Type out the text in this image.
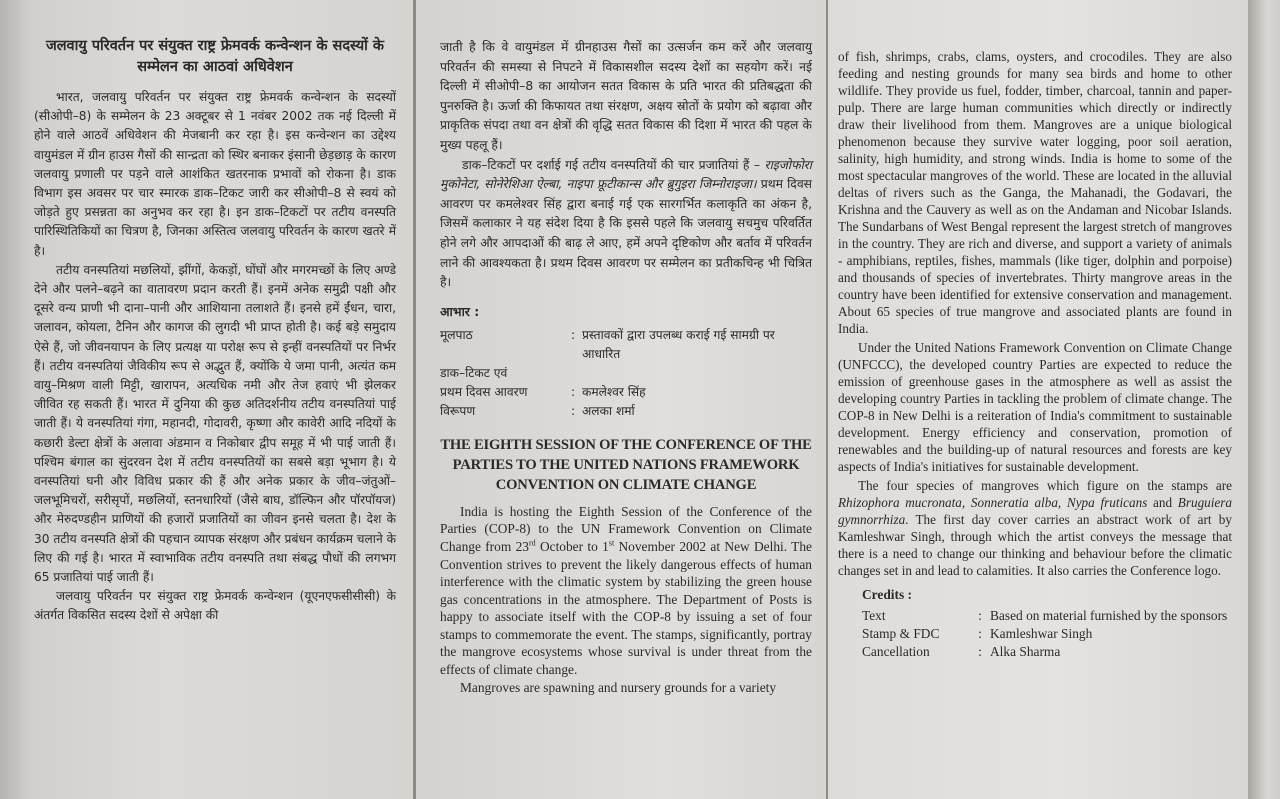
जलवायु परिवर्तन पर संयुक्त राष्ट्र फ्रेमवर्क कन्वेन्शन के सदस्यों के सम्मेलन का आठवां अधिवेशन

भारत, जलवायु परिवर्तन पर संयुक्त राष्ट्र फ्रेमवर्क कन्वेन्शन के सदस्यों (सीओपी–8) के सम्मेलन के 23 अक्टूबर से 1 नवंबर 2002 तक नई दिल्ली में होने वाले आठवें अधिवेशन की मेजबानी कर रहा है। इस कन्वेन्शन का उद्देश्य वायुमंडल में ग्रीन हाउस गैसों की सान्द्रता को स्थिर बनाकर इंसानी छेड़छाड़ के कारण जलवायु प्रणाली पर पड़ने वाले आशंकित खतरनाक प्रभावों को रोकना है। डाक विभाग इस अवसर पर चार स्मारक डाक–टिकट जारी कर सीओपी–8 से स्वयं को जोड़ते हुए प्रसन्नता का अनुभव कर रहा है। इन डाक–टिकटों पर तटीय वनस्पति पारिस्थितिकियों का चित्रण है, जिनका अस्तित्व जलवायु परिवर्तन के कारण खतरे में है।

तटीय वनस्पतियां मछलियों, झींगों, केकड़ों, घोंघों और मगरमच्छों के लिए अण्डे देने और पलने–बढ़ने का वातावरण प्रदान करती हैं। इनमें अनेक समुद्री पक्षी और दूसरे वन्य प्राणी भी दाना–पानी और आशियाना तलाशते हैं। इनसे हमें ईंधन, चारा, जलावन, कोयला, टैनिन और कागज की लुगदी भी प्राप्त होती है। कई बड़े समुदाय ऐसे हैं, जो जीवनयापन के लिए प्रत्यक्ष या परोक्ष रूप से इन्हीं वनस्पतियों पर निर्भर हैं। तटीय वनस्पतियां जैविकीय रूप से अद्भुत हैं, क्योंकि ये जमा पानी, अत्यंत कम वायु–मिश्रण वाली मिट्टी, खारापन, अत्यधिक नमी और तेज हवाएं भी झेलकर जीवित रह सकती हैं। भारत में दुनिया की कुछ अतिदर्शनीय तटीय वनस्पतियां पाई जाती हैं। ये वनस्पतियां गंगा, महानदी, गोदावरी, कृष्णा और कावेरी आदि नदियों के कछारी डेल्टा क्षेत्रों के अलावा अंडमान व निकोबार द्वीप समूह में भी पाई जाती हैं। पश्चिम बंगाल का सुंदरवन देश में तटीय वनस्पतियों का सबसे बड़ा भूभाग है। ये वनस्पतियां घनी और विविध प्रकार की हैं और अनेक प्रकार के जीव–जंतुओं–जलभूमिचरों, सरीसृपों, मछलियों, स्तनधारियों (जैसे बाघ, डॉल्फिन और पॉरपॉयज) और मेरुदण्डहीन प्राणियों की हजारों प्रजातियों का जीवन इनसे चलता है। देश के 30 तटीय वनस्पति क्षेत्रों की पहचान व्यापक संरक्षण और प्रबंधन कार्यक्रम चलाने के लिए की गई है। भारत में स्वाभाविक तटीय वनस्पति तथा संबद्ध पौधों की लगभग 65 प्रजातियां पाई जाती हैं।

जलवायु परिवर्तन पर संयुक्त राष्ट्र फ्रेमवर्क कन्वेन्शन (यूएनएफसीसीसी) के अंतर्गत विकसित सदस्य देशों से अपेक्षा की

जाती है कि वे वायुमंडल में ग्रीनहाउस गैसों का उत्सर्जन कम करें और जलवायु परिवर्तन की समस्या से निपटने में विकासशील सदस्य देशों का सहयोग करें। नई दिल्ली में सीओपी–8 का आयोजन सतत विकास के प्रति भारत की प्रतिबद्धता की पुनरुक्ति है। ऊर्जा की किफायत तथा संरक्षण, अक्षय स्रोतों के प्रयोग को बढ़ावा और प्राकृतिक संपदा तथा वन क्षेत्रों की वृद्धि सतत विकास की दिशा में भारत की पहल के मुख्य पहलू हैं।

डाक–टिकटों पर दर्शाई गई तटीय वनस्पतियों की चार प्रजातियां हैं – राइजोफोरा मुकोनेटा, सोनेरेशिआ ऐल्बा, नाइपा फ्रूटीकान्स और ब्रुगुइरा जिम्नोराइजा। प्रथम दिवस आवरण पर कमलेश्वर सिंह द्वारा बनाई गई एक सारगर्भित कलाकृति का अंकन है, जिसमें कलाकार ने यह संदेश दिया है कि इससे पहले कि जलवायु सचमुच परिवर्तित होने लगे और आपदाओं की बाढ़ ले आए, हमें अपने दृष्टिकोण और बर्ताव में परिवर्तन लाने की आवश्यकता है। प्रथम दिवस आवरण पर सम्मेलन का प्रतीकचिन्ह भी चित्रित है।

आभार :
मूलपाठ	:	प्रस्तावकों द्वारा उपलब्ध कराई गई सामग्री पर आधारित
डाक–टिकट एवं		
प्रथम दिवस आवरण	:	कमलेश्वर सिंह
विरूपण	:	अलका शर्मा
THE EIGHTH SESSION OF THE CONFERENCE OF THE PARTIES TO THE UNITED NATIONS FRAMEWORK CONVENTION ON CLIMATE CHANGE

India is hosting the Eighth Session of the Conference of the Parties (COP-8) to the UN Framework Convention on Climate Change from 23rd October to 1st November 2002 at New Delhi. The Convention strives to prevent the likely dangerous effects of human interference with the climatic system by stabilizing the green house gas concentrations in the atmosphere. The Department of Posts is happy to associate itself with the COP-8 by issuing a set of four stamps to commemorate the event. The stamps, significantly, portray the mangrove ecosystems whose survival is under threat from the effects of climate change.

Mangroves are spawning and nursery grounds for a variety

of fish, shrimps, crabs, clams, oysters, and crocodiles. They are also feeding and nesting grounds for many sea birds and home to other wildlife. They provide us fuel, fodder, timber, charcoal, tannin and paper-pulp. There are large human communities which directly or indirectly draw their livelihood from them. Mangroves are a unique biological phenomenon because they survive water logging, poor soil aeration, salinity, high humidity, and strong winds. India is home to some of the most spectacular mangroves of the world. These are located in the alluvial deltas of rivers such as the Ganga, the Mahanadi, the Godavari, the Krishna and the Cauvery as well as on the Andaman and Nicobar Islands. The Sundarbans of West Bengal represent the largest stretch of mangroves in the country. They are rich and diverse, and support a variety of animals - amphibians, reptiles, fishes, mammals (like tiger, dolphin and porpoise) and thousands of species of invertebrates. Thirty mangrove areas in the country have been identified for extensive conservation and management. About 65 species of true mangrove and associated plants are found in India.

Under the United Nations Framework Convention on Climate Change (UNFCCC), the developed country Parties are expected to reduce the emission of greenhouse gases in the atmosphere as well as assist the developing country Parties in tackling the problem of climate change. The COP-8 in New Delhi is a reiteration of India's commitment to sustainable development. Energy efficiency and conservation, promotion of renewables and the building-up of natural resources and forests are key aspects of India's initiatives for sustainable development.

The four species of mangroves which figure on the stamps are Rhizophora mucronata, Sonneratia alba, Nypa fruticans and Bruguiera gymnorrhiza. The first day cover carries an abstract work of art by Kamleshwar Singh, through which the artist conveys the message that there is a need to change our thinking and behaviour before the climatic changes set in and lead to calamities. It also carries the Conference logo.

Credits :
Text	:	Based on material furnished by the sponsors
Stamp & FDC	:	Kamleshwar Singh
Cancellation	:	Alka Sharma
